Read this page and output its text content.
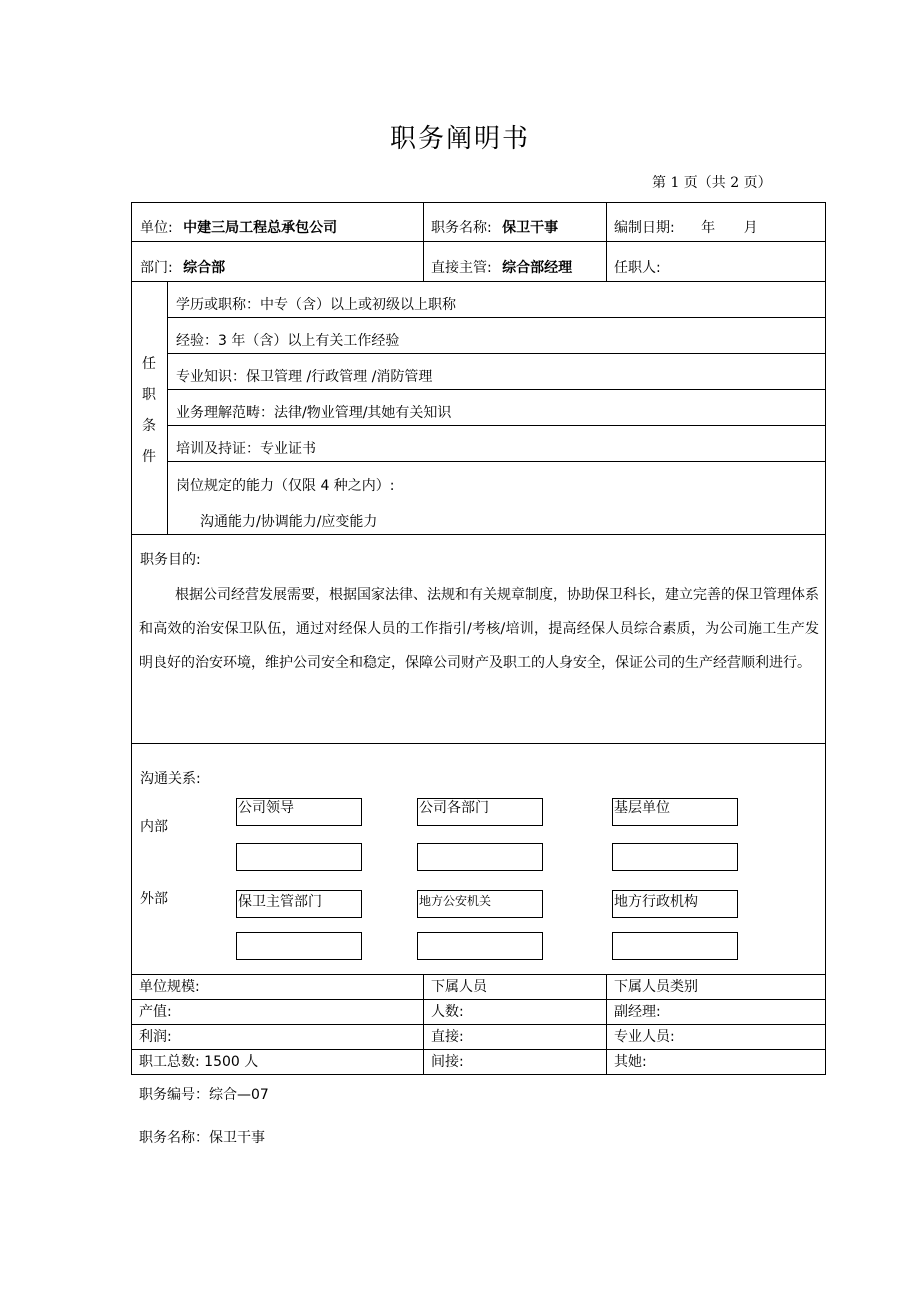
职务阐明书
第 1 页（共 2 页）
单位: 中建三局工程总承包公司	职务名称: 保卫干事	编制日期: 年 月
部门: 综合部	直接主管: 综合部经理	任职人:
任
职
条
件
学历或职称：中专（含）以上或初级以上职称
经验：3 年（含）以上有关工作经验
专业知识：保卫管理 /行政管理 /消防管理
业务理解范畴：法律/物业管理/其她有关知识
培训及持证：专业证书
岗位规定的能力（仅限 4 种之内）:
沟通能力/协调能力/应变能力
职务目的:
根据公司经营发展需要，根据国家法律、法规和有关规章制度，协助保卫科长，建立完善的保卫管理体系和高效的治安保卫队伍，通过对经保人员的工作指引/考核/培训，提高经保人员综合素质，为公司施工生产发明良好的治安环境，维护公司安全和稳定，保障公司财产及职工的人身安全，保证公司的生产经营顺利进行。
沟通关系:
内部
外部
公司领导	公司各部门	基层单位
保卫主管部门	地方公安机关	地方行政机构
单位规模:	下属人员	下属人员类别
产值:	人数:	副经理:
利润:	直接:	专业人员:
职工总数: 1500 人	间接:	其她:
职务编号：综合—07
职务名称：保卫干事
